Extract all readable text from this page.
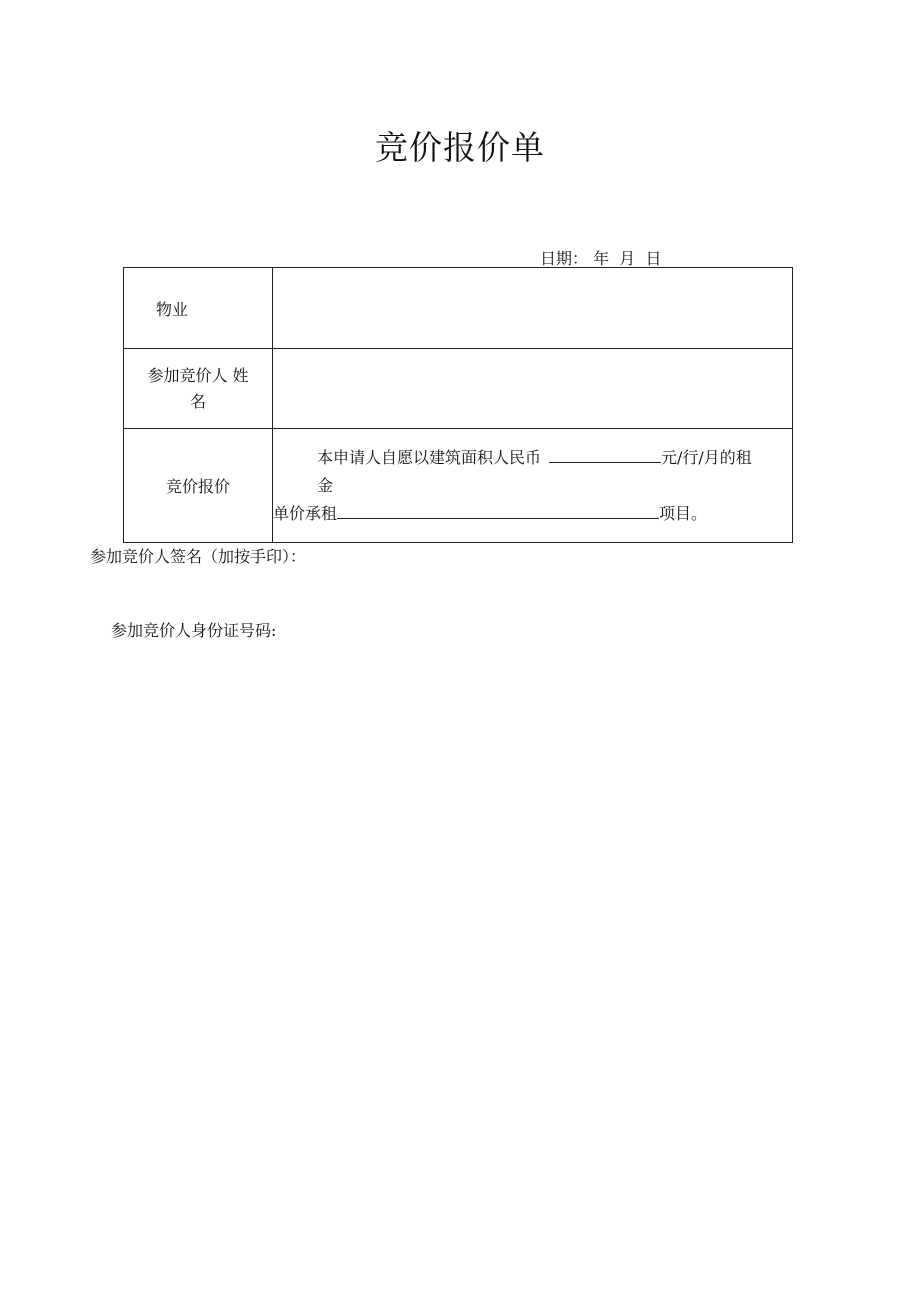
竞价报价单
日期： 年 月 日
物业	

参加竞价人 姓
名	

竞价报价	本申请人自愿以建筑面积人民币 元/行/月的租金
单价承租 项目。
参加竞价人签名（加按手印）：
参加竞价人身份证号码:
